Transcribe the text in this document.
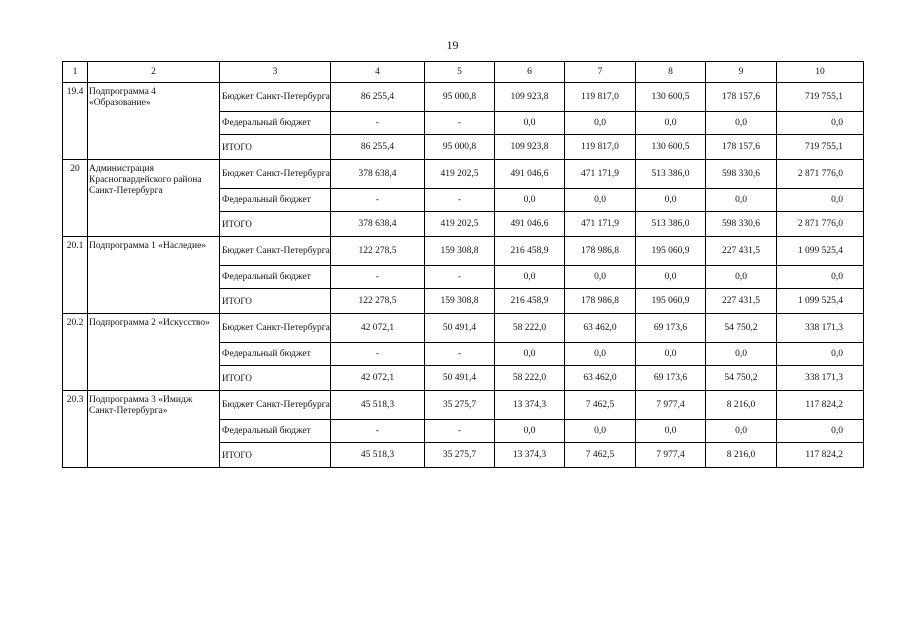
19
1	2	3	4	5	6	7	8	9	10
19.4	Подпрограмма 4 «Образование»	Бюджет Санкт-Петербурга	86 255,4	95 000,8	109 923,8	119 817,0	130 600,5	178 157,6	719 755,1
		Федеральный бюджет	-	-	0,0	0,0	0,0	0,0	0,0
		ИТОГО	86 255,4	95 000,8	109 923,8	119 817,0	130 600,5	178 157,6	719 755,1
20	Администрация Красногвардейского района Санкт-Петербурга	Бюджет Санкт-Петербурга	378 638,4	419 202,5	491 046,6	471 171,9	513 386,0	598 330,6	2 871 776,0
		Федеральный бюджет	-	-	0,0	0,0	0,0	0,0	0,0
		ИТОГО	378 638,4	419 202,5	491 046,6	471 171,9	513 386,0	598 330,6	2 871 776,0
20.1	Подпрограмма 1 «Наследие»	Бюджет Санкт-Петербурга	122 278,5	159 308,8	216 458,9	178 986,8	195 060,9	227 431,5	1 099 525,4
		Федеральный бюджет	-	-	0,0	0,0	0,0	0,0	0,0
		ИТОГО	122 278,5	159 308,8	216 458,9	178 986,8	195 060,9	227 431,5	1 099 525,4
20.2	Подпрограмма 2 «Искусство»	Бюджет Санкт-Петербурга	42 072,1	50 491,4	58 222,0	63 462,0	69 173,6	54 750,2	338 171,3
		Федеральный бюджет	-	-	0,0	0,0	0,0	0,0	0,0
		ИТОГО	42 072,1	50 491,4	58 222,0	63 462,0	69 173,6	54 750,2	338 171,3
20.3	Подпрограмма 3 «Имидж Санкт-Петербурга»	Бюджет Санкт-Петербурга	45 518,3	35 275,7	13 374,3	7 462,5	7 977,4	8 216,0	117 824,2
		Федеральный бюджет	-	-	0,0	0,0	0,0	0,0	0,0
		ИТОГО	45 518,3	35 275,7	13 374,3	7 462,5	7 977,4	8 216,0	117 824,2
